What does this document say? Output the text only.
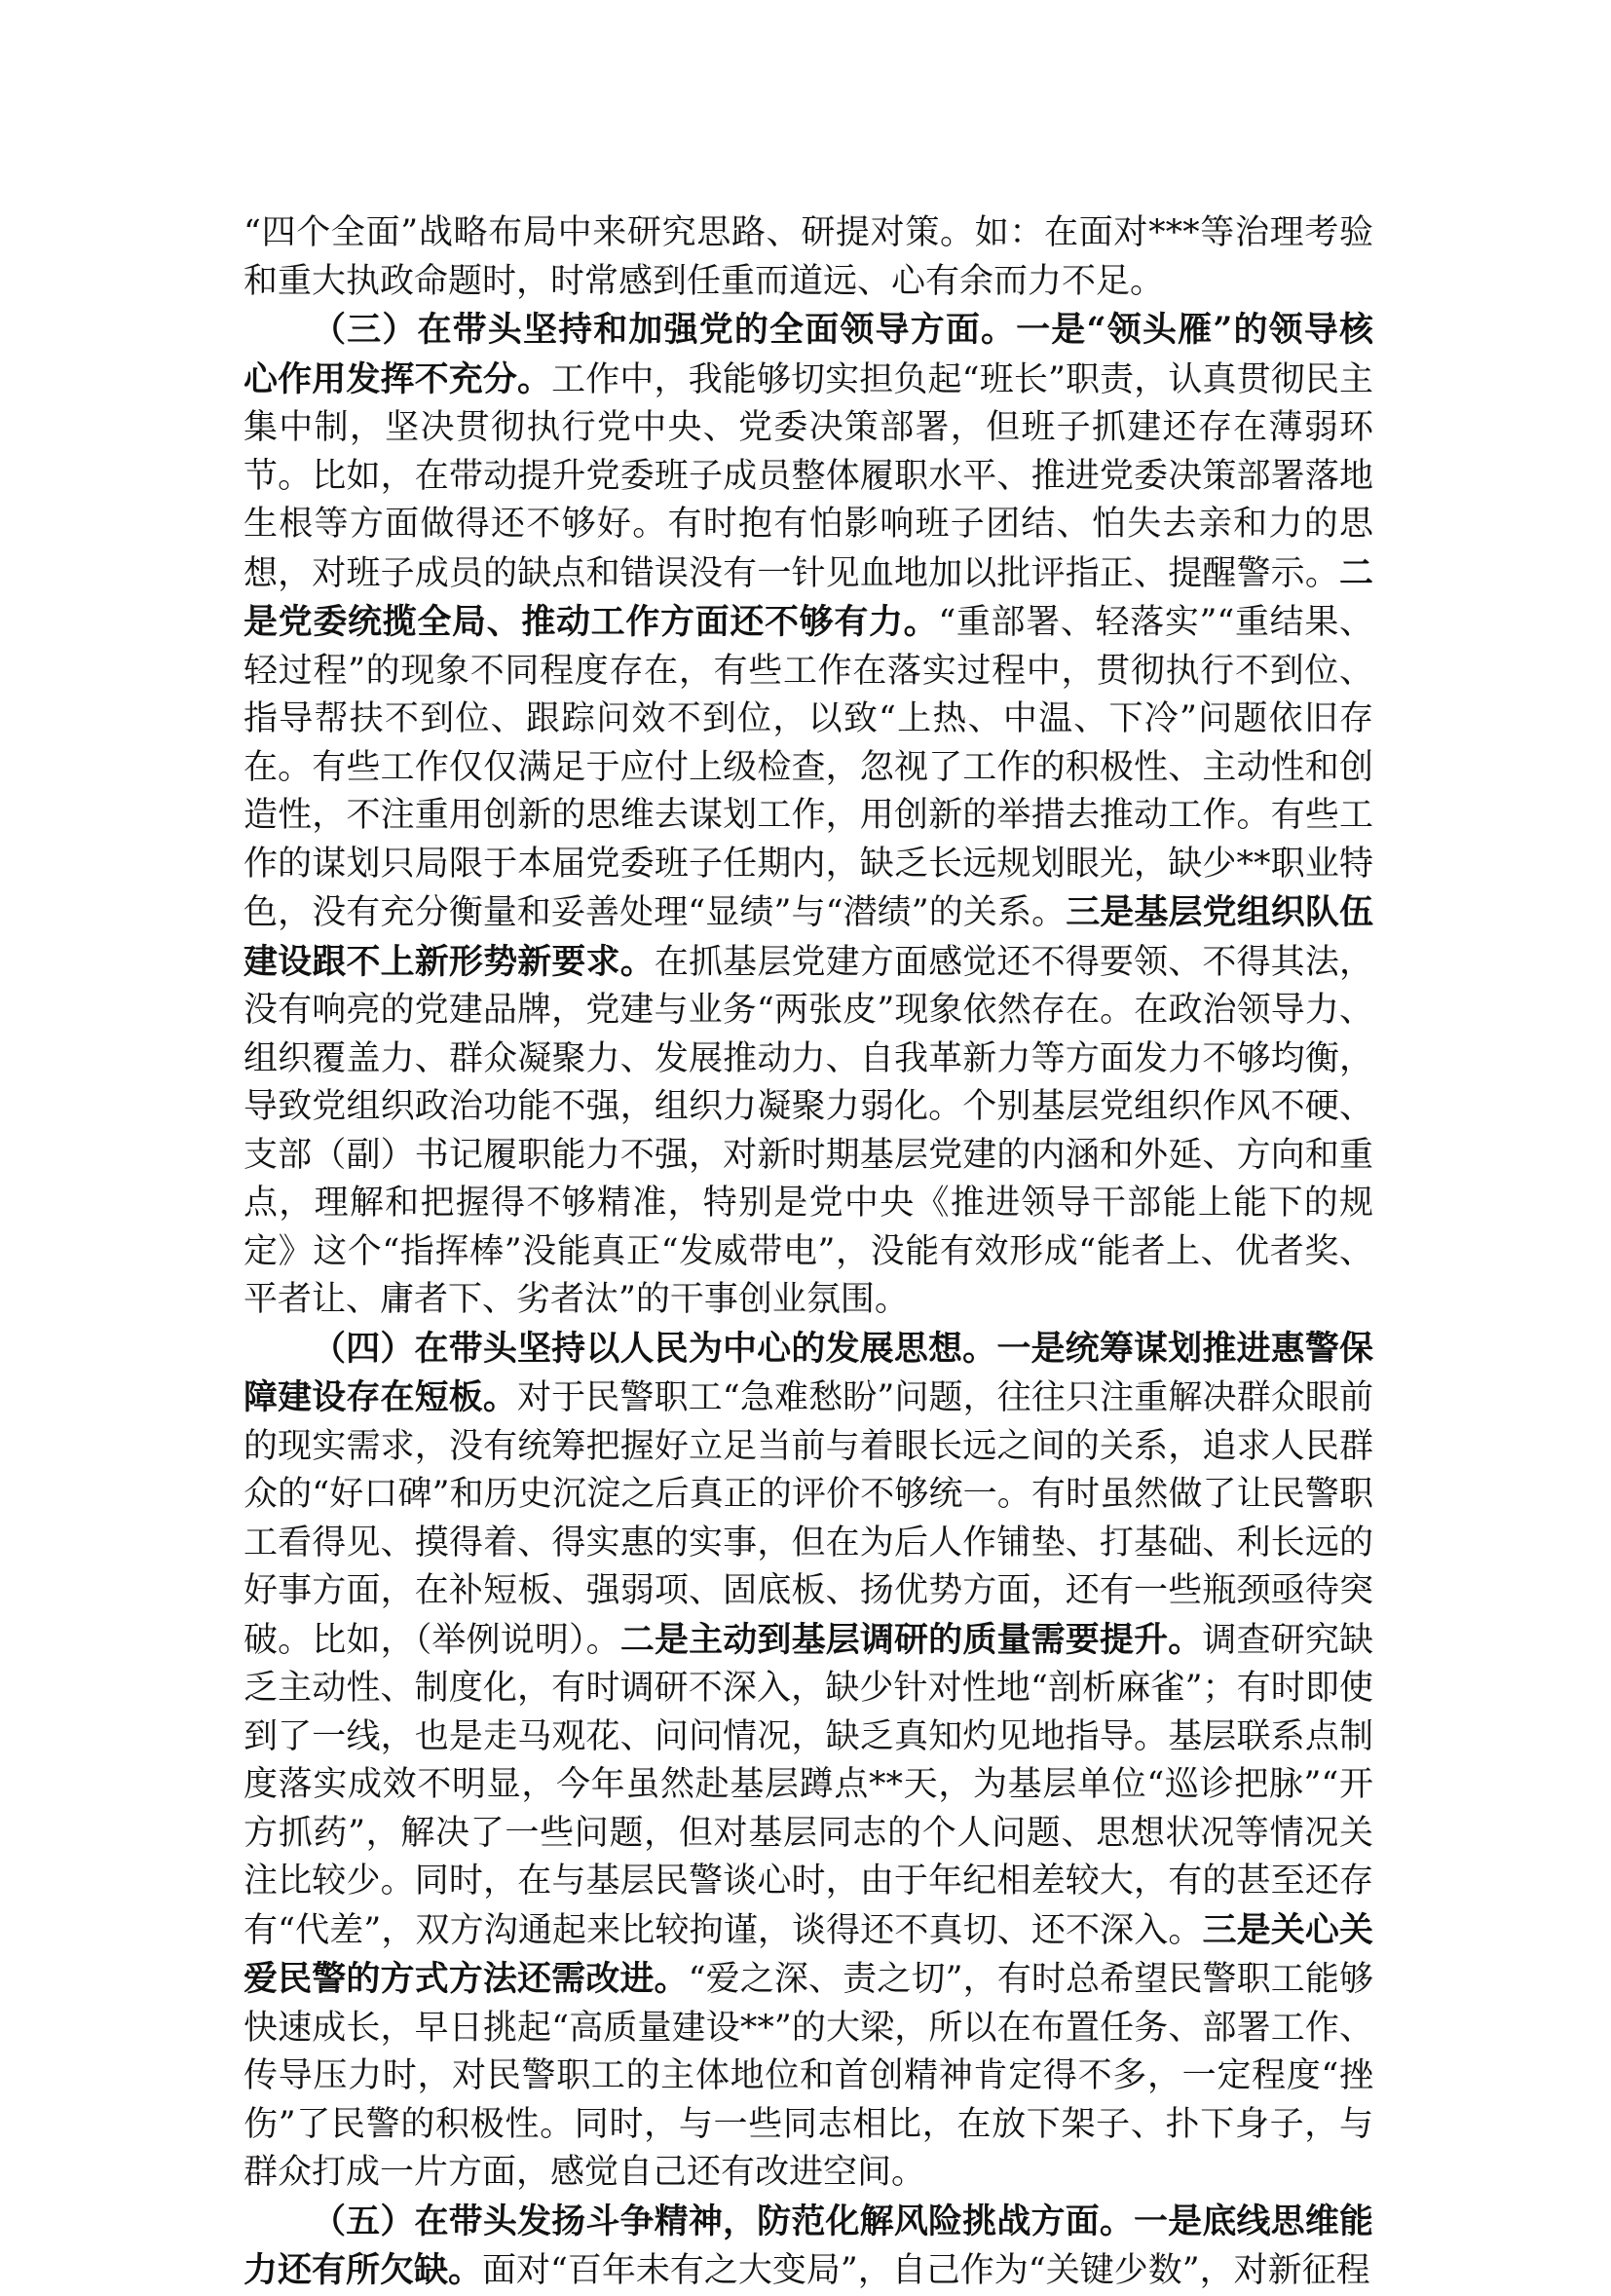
“四个全面”战略布局中来研究思路、研提对策。如：在面对***等治理考验和重大执政命题时，时常感到任重而道远、心有余而力不足。

（三）在带头坚持和加强党的全面领导方面。一是“领头雁”的领导核心作用发挥不充分。工作中，我能够切实担负起“班长”职责，认真贯彻民主集中制，坚决贯彻执行党中央、党委决策部署，但班子抓建还存在薄弱环节。比如，在带动提升党委班子成员整体履职水平、推进党委决策部署落地生根等方面做得还不够好。有时抱有怕影响班子团结、怕失去亲和力的思想，对班子成员的缺点和错误没有一针见血地加以批评指正、提醒警示。二是党委统揽全局、推动工作方面还不够有力。“重部署、轻落实”“重结果、轻过程”的现象不同程度存在，有些工作在落实过程中，贯彻执行不到位、指导帮扶不到位、跟踪问效不到位，以致“上热、中温、下冷”问题依旧存在。有些工作仅仅满足于应付上级检查，忽视了工作的积极性、主动性和创造性，不注重用创新的思维去谋划工作，用创新的举措去推动工作。有些工作的谋划只局限于本届党委班子任期内，缺乏长远规划眼光，缺少**职业特色，没有充分衡量和妥善处理“显绩”与“潜绩”的关系。三是基层党组织队伍建设跟不上新形势新要求。在抓基层党建方面感觉还不得要领、不得其法，没有响亮的党建品牌，党建与业务“两张皮”现象依然存在。在政治领导力、组织覆盖力、群众凝聚力、发展推动力、自我革新力等方面发力不够均衡，导致党组织政治功能不强，组织力凝聚力弱化。个别基层党组织作风不硬、支部（副）书记履职能力不强，对新时期基层党建的内涵和外延、方向和重点，理解和把握得不够精准，特别是党中央《推进领导干部能上能下的规定》这个“指挥棒”没能真正“发威带电”，没能有效形成“能者上、优者奖、平者让、庸者下、劣者汰”的干事创业氛围。

（四）在带头坚持以人民为中心的发展思想。一是统筹谋划推进惠警保障建设存在短板。对于民警职工“急难愁盼”问题，往往只注重解决群众眼前的现实需求，没有统筹把握好立足当前与着眼长远之间的关系，追求人民群众的“好口碑”和历史沉淀之后真正的评价不够统一。有时虽然做了让民警职工看得见、摸得着、得实惠的实事，但在为后人作铺垫、打基础、利长远的好事方面，在补短板、强弱项、固底板、扬优势方面，还有一些瓶颈亟待突破。比如，（举例说明）。二是主动到基层调研的质量需要提升。调查研究缺乏主动性、制度化，有时调研不深入，缺少针对性地“剖析麻雀”；有时即使到了一线，也是走马观花、问问情况，缺乏真知灼见地指导。基层联系点制度落实成效不明显，今年虽然赴基层蹲点**天，为基层单位“巡诊把脉”“开方抓药”，解决了一些问题，但对基层同志的个人问题、思想状况等情况关注比较少。同时，在与基层民警谈心时，由于年纪相差较大，有的甚至还存有“代差”，双方沟通起来比较拘谨，谈得还不真切、还不深入。三是关心关爱民警的方式方法还需改进。“爱之深、责之切”，有时总希望民警职工能够快速成长，早日挑起“高质量建设**”的大梁，所以在布置任务、部署工作、传导压力时，对民警职工的主体地位和首创精神肯定得不多，一定程度“挫伤”了民警的积极性。同时，与一些同志相比，在放下架子、扑下身子，与群众打成一片方面，感觉自己还有改进空间。

（五）在带头发扬斗争精神，防范化解风险挑战方面。一是底线思维能力还有所欠缺。面对“百年未有之大变局”，自己作为“关键少数”，对新征程
